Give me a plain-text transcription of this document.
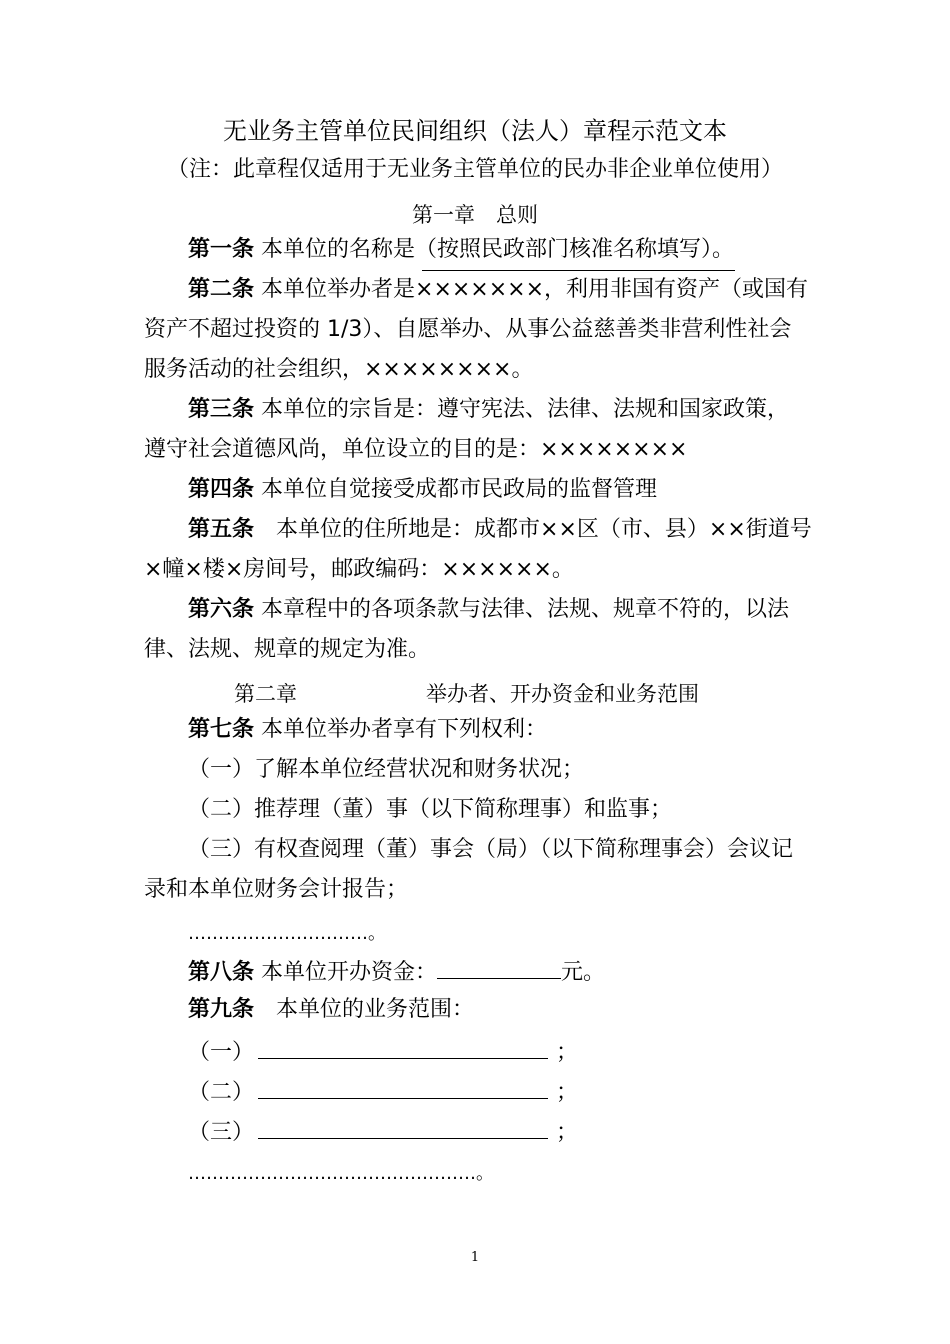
无业务主管单位民间组织（法人）章程示范文本
（注：此章程仅适用于无业务主管单位的民办非企业单位使用）
第一章　总则
第一条 本单位的名称是（按照民政部门核准名称填写）。
第二条 本单位举办者是×××××××，利用非国有资产（或国有
资产不超过投资的 1/3）、自愿举办、从事公益慈善类非营利性社会
服务活动的社会组织，××××××××。
第三条 本单位的宗旨是：遵守宪法、法律、法规和国家政策，
遵守社会道德风尚，单位设立的目的是：××××××××
第四条 本单位自觉接受成都市民政局的监督管理
第五条　本单位的住所地是：成都市××区（市、县）××街道号
×幢×楼×房间号，邮政编码：××××××。
第六条 本章程中的各项条款与法律、法规、规章不符的，以法
律、法规、规章的规定为准。
第二章	举办者、开办资金和业务范围
第七条 本单位举办者享有下列权利：
（一）了解本单位经营状况和财务状况；
（二）推荐理（董）事（以下简称理事）和监事；
（三）有权查阅理（董）事会（局）（以下简称理事会）会议记
录和本单位财务会计报告；
…………………………。
第八条 本单位开办资金：	元。
第九条　本单位的业务范围：
（一）	；
（二）	；
（三）	；
…………………………………………。
1
